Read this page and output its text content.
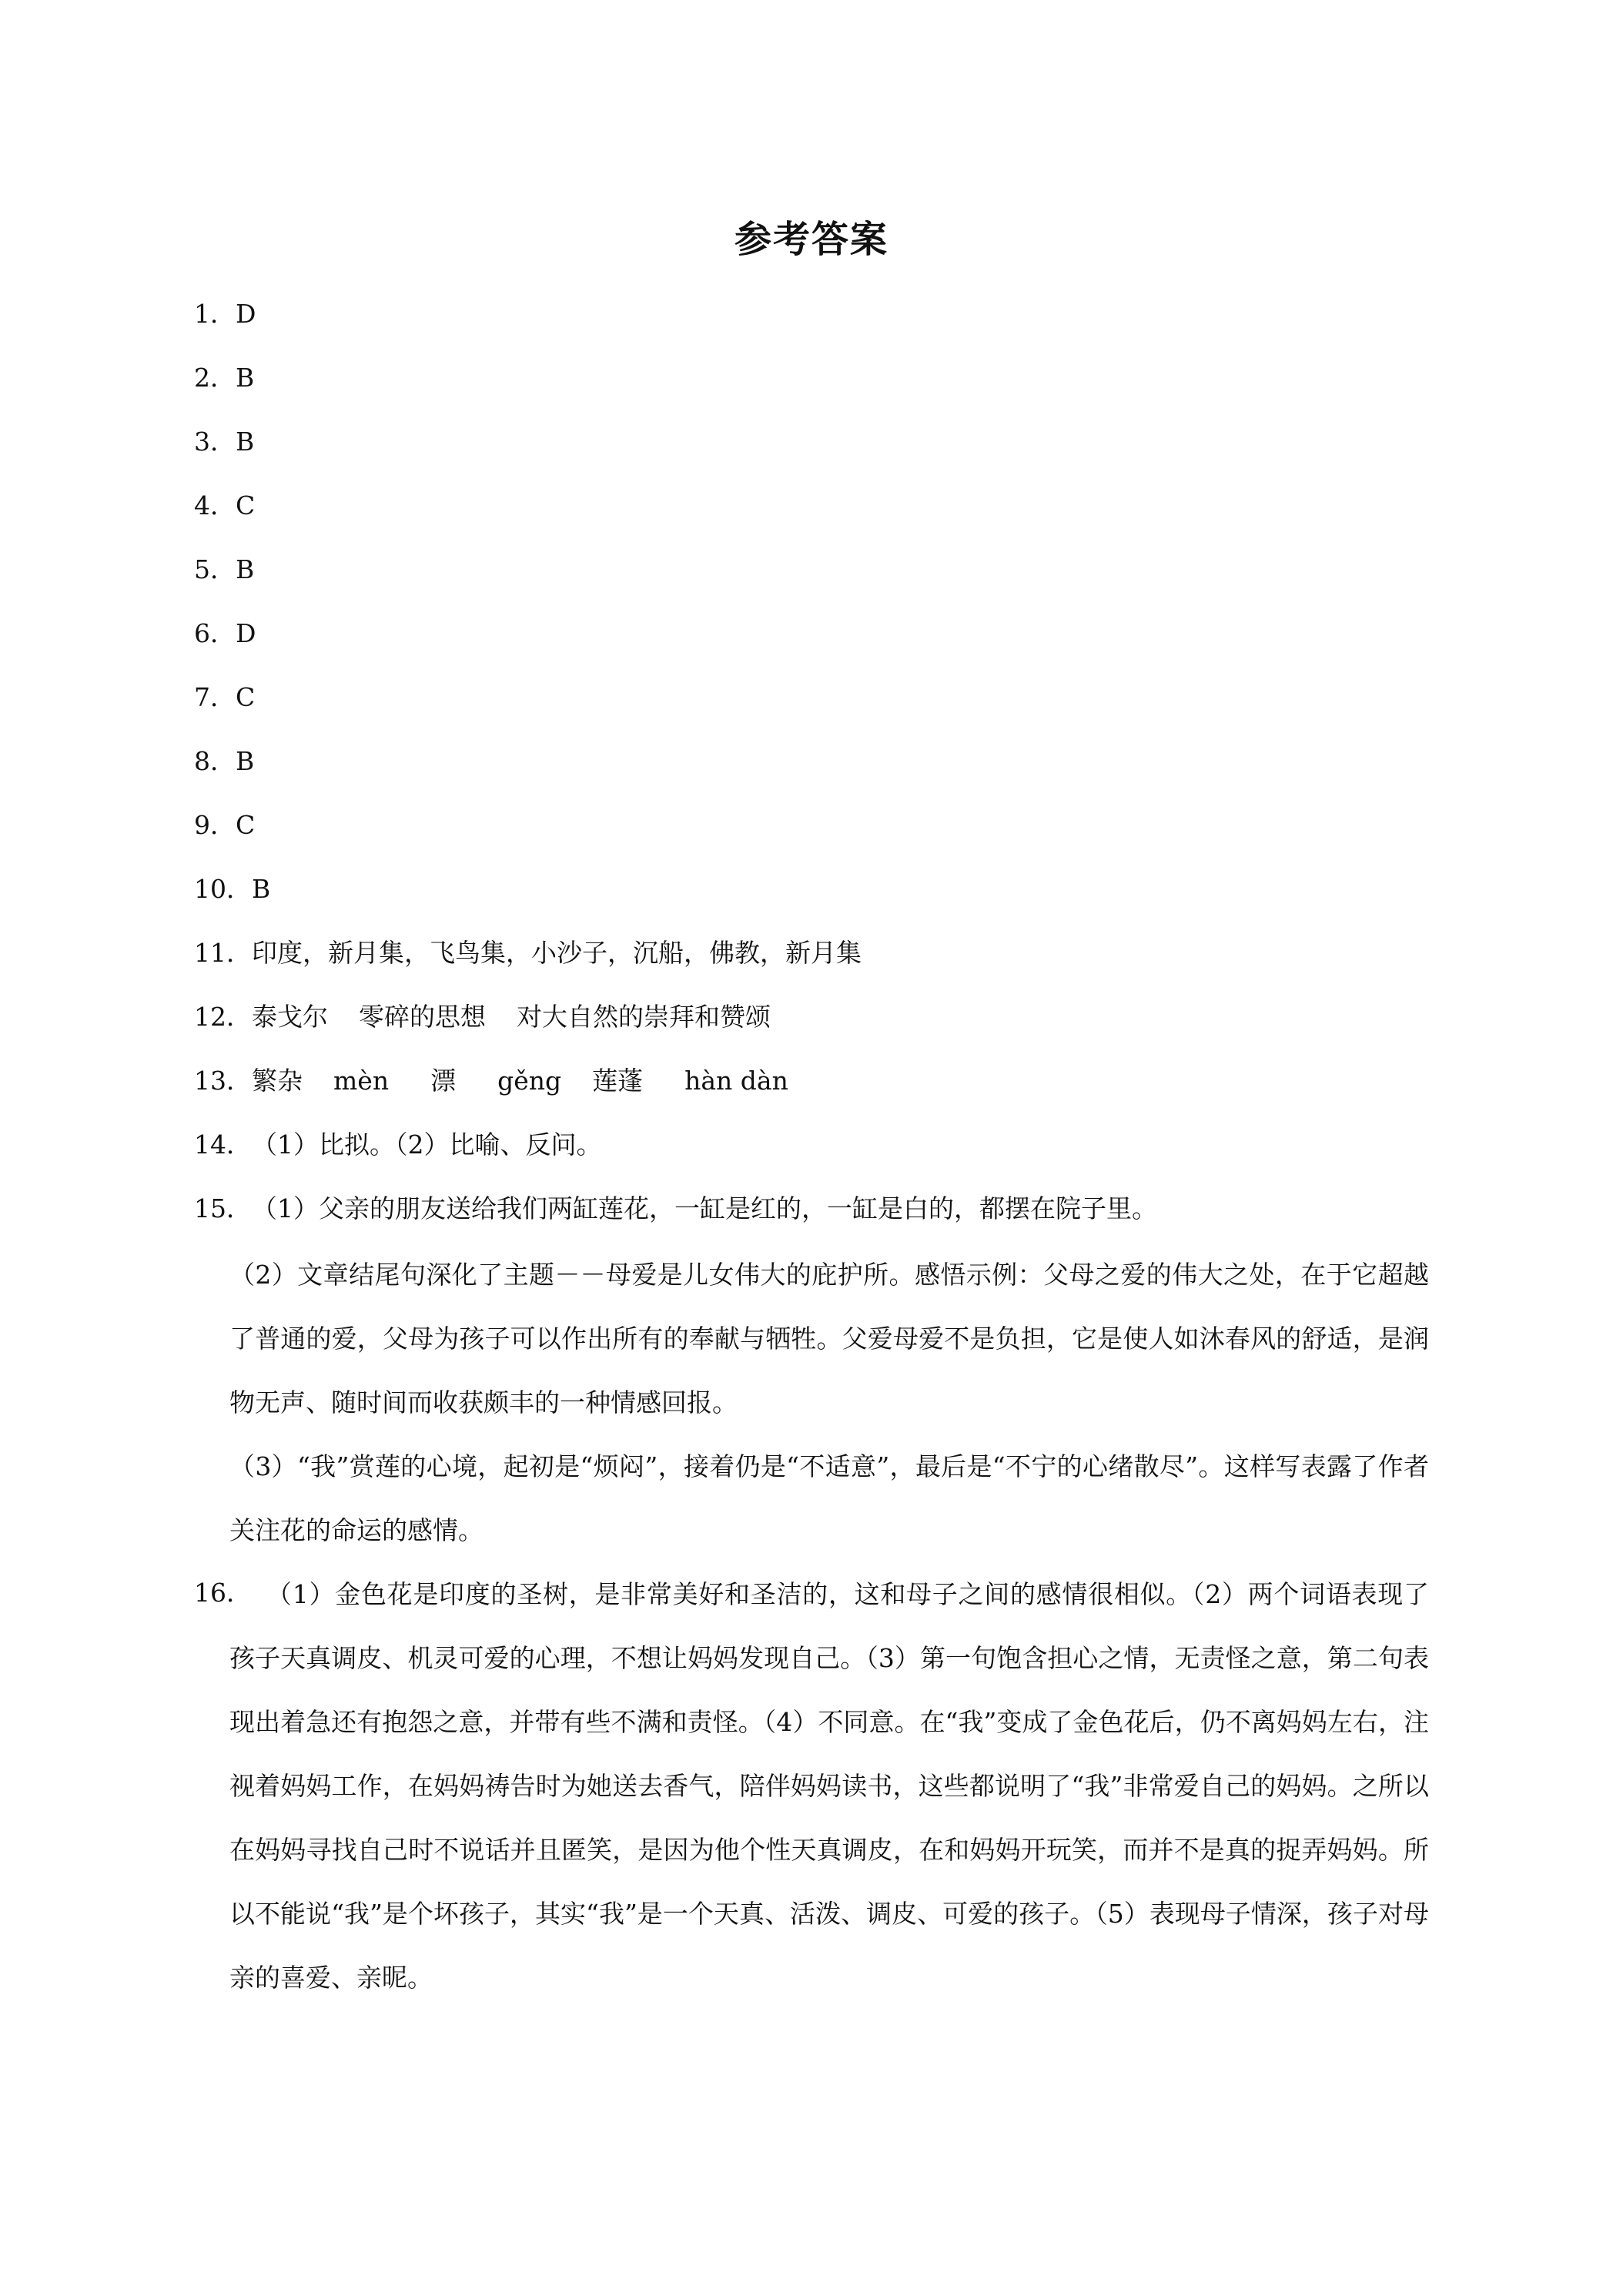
参考答案
1．D
2．B
3．B
4．C
5．B
6．D
7．C
8．B
9．C
10．B
11．印度，新月集，飞鸟集，小沙子，沉船，佛教，新月集
12．泰戈尔 零碎的思想 对大自然的崇拜和赞颂
13．繁杂 mèn 漂 gěng 莲蓬 hàn dàn
14．（1）比拟。（2）比喻、反问。
15．（1）父亲的朋友送给我们两缸莲花，一缸是红的，一缸是白的，都摆在院子里。
（2）文章结尾句深化了主题－－母爱是儿女伟大的庇护所。感悟示例：父母之爱的伟大之处，在于它超越了普通的爱，父母为孩子可以作出所有的奉献与牺牲。父爱母爱不是负担，它是使人如沐春风的舒适，是润物无声、随时间而收获颇丰的一种情感回报。
（3）“我”赏莲的心境，起初是“烦闷”，接着仍是“不适意”，最后是“不宁的心绪散尽”。这样写表露了作者关注花的命运的感情。
16． （1）金色花是印度的圣树，是非常美好和圣洁的，这和母子之间的感情很相似。（2）两个词语表现了孩子天真调皮、机灵可爱的心理，不想让妈妈发现自己。（3）第一句饱含担心之情，无责怪之意，第二句表现出着急还有抱怨之意，并带有些不满和责怪。（4）不同意。在“我”变成了金色花后，仍不离妈妈左右，注视着妈妈工作，在妈妈祷告时为她送去香气，陪伴妈妈读书，这些都说明了“我”非常爱自己的妈妈。之所以在妈妈寻找自己时不说话并且匿笑，是因为他个性天真调皮，在和妈妈开玩笑，而并不是真的捉弄妈妈。所以不能说“我”是个坏孩子，其实“我”是一个天真、活泼、调皮、可爱的孩子。（5）表现母子情深，孩子对母亲的喜爱、亲昵。
